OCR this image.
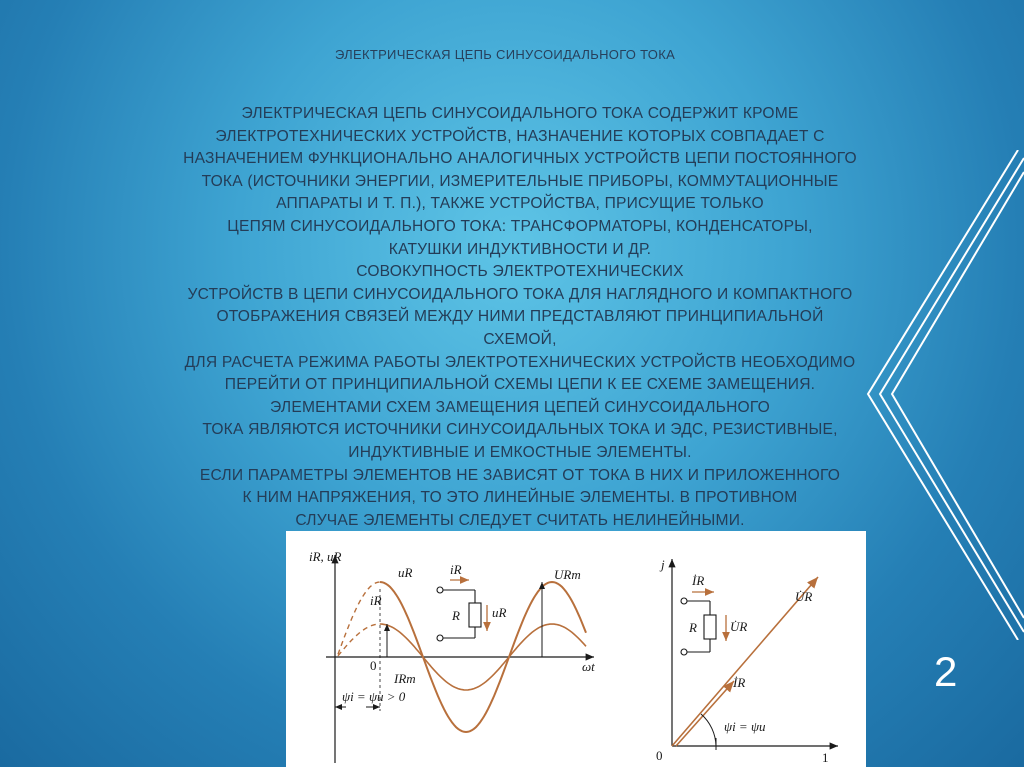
ЭЛЕКТРИЧЕСКАЯ ЦЕПЬ СИНУСОИДАЛЬНОГО ТОКА
ЭЛЕКТРИЧЕСКАЯ ЦЕПЬ СИНУСОИДАЛЬНОГО ТОКА СОДЕРЖИТ КРОМЕ
ЭЛЕКТРОТЕХНИЧЕСКИХ УСТРОЙСТВ, НАЗНАЧЕНИЕ КОТОРЫХ СОВПАДАЕТ С
НАЗНАЧЕНИЕМ ФУНКЦИОНАЛЬНО АНАЛОГИЧНЫХ УСТРОЙСТВ ЦЕПИ ПОСТОЯННОГО
ТОКА (ИСТОЧНИКИ ЭНЕРГИИ, ИЗМЕРИТЕЛЬНЫЕ ПРИБОРЫ, КОММУТАЦИОННЫЕ
АППАРАТЫ И Т. П.), ТАКЖЕ УСТРОЙСТВА, ПРИСУЩИЕ ТОЛЬКО
ЦЕПЯМ СИНУСОИДАЛЬНОГО ТОКА: ТРАНСФОРМАТОРЫ, КОНДЕНСАТОРЫ,
КАТУШКИ ИНДУКТИВНОСТИ И ДР.
СОВОКУПНОСТЬ ЭЛЕКТРОТЕХНИЧЕСКИХ
УСТРОЙСТВ В ЦЕПИ СИНУСОИДАЛЬНОГО ТОКА ДЛЯ НАГЛЯДНОГО И КОМПАКТНОГО
ОТОБРАЖЕНИЯ СВЯЗЕЙ МЕЖДУ НИМИ ПРЕДСТАВЛЯЮТ ПРИНЦИПИАЛЬНОЙ
СХЕМОЙ,
ДЛЯ РАСЧЕТА РЕЖИМА РАБОТЫ ЭЛЕКТРОТЕХНИЧЕСКИХ УСТРОЙСТВ НЕОБХОДИМО
ПЕРЕЙТИ ОТ ПРИНЦИПИАЛЬНОЙ СХЕМЫ ЦЕПИ К ЕЕ СХЕМЕ ЗАМЕЩЕНИЯ.
ЭЛЕМЕНТАМИ СХЕМ ЗАМЕЩЕНИЯ ЦЕПЕЙ СИНУСОИДАЛЬНОГО
ТОКА ЯВЛЯЮТСЯ ИСТОЧНИКИ СИНУСОИДАЛЬНЫХ ТОКА И ЭДС, РЕЗИСТИВНЫЕ,
ИНДУКТИВНЫЕ И ЕМКОСТНЫЕ ЭЛЕМЕНТЫ.
ЕСЛИ ПАРАМЕТРЫ ЭЛЕМЕНТОВ НЕ ЗАВИСЯТ ОТ ТОКА В НИХ И ПРИЛОЖЕННОГО
К НИМ НАПРЯЖЕНИЯ, ТО ЭТО ЛИНЕЙНЫЕ ЭЛЕМЕНТЫ. В ПРОТИВНОМ
СЛУЧАЕ ЭЛЕМЕНТЫ СЛЕДУЕТ СЧИТАТЬ НЕЛИНЕЙНЫМИ.
iR, uR
ωt
0
uR
iR
URm
IRm
ψi = ψu > 0
iR
R uR
j
0	1
U̇R
İR
ψi = ψu
İR
R	U̇R
2
